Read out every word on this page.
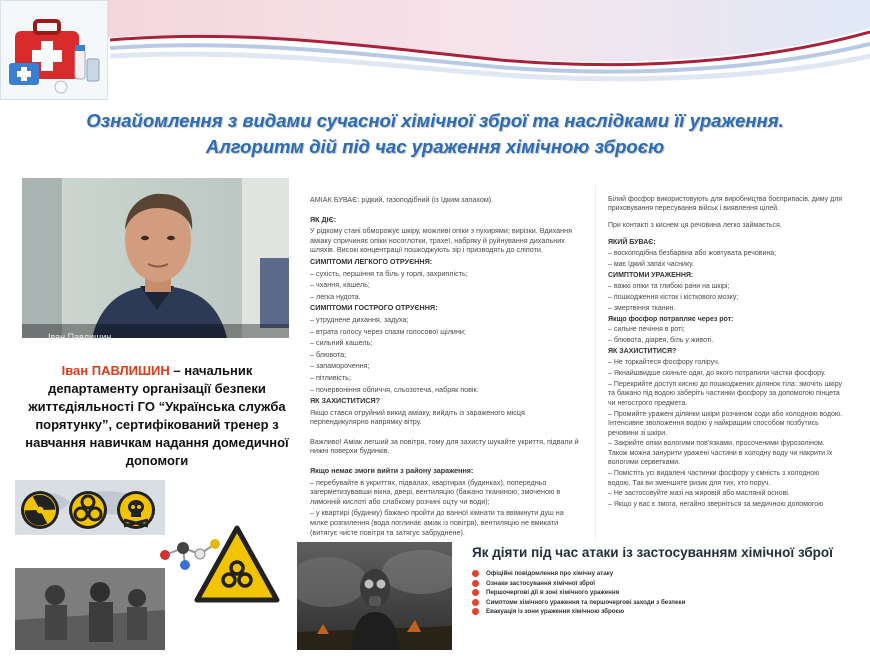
Ознайомлення з видами сучасної хімічної зброї та наслідками її ураження.
Алгоритм дій під час ураження хімічною зброєю
Іван Павлишин
Іван ПАВЛИШИН – начальник департаменту організації безпеки життєдіяльності ГО “Українська служба порятунку”, сертифікований тренер з навчання навичкам надання домедичної допомоги

АМІАК БУВАЄ: рідкий, газоподібний (із їдким запахом).

ЯК ДІЄ:

У рідкому стані обморожує шкіру, можливі опіки з пухирями; вирізки. Вдихання аміаку спричиняє опіки носоглотки, трахеї, набряку й руйнування дихальних шляхів. Високі концентрації пошкоджують зір і призводять до сліпоти.

СИМПТОМИ ЛЕГКОГО ОТРУЄННЯ:

– сухість, першіння та біль у горлі, захриплість;

– чхання, кашель;

– легка нудота.

СИМПТОМИ ГОСТРОГО ОТРУЄННЯ:

– утруднене дихання, задуха;

– втрата голосу через спазм голосової щілини;

– сильний кашель;

– блювота;

– запаморочення;

– пітливість;

– почервоніння обличчя, сльозотеча, набряк повік.

ЯК ЗАХИСТИТИСЯ?

Якщо стався отруйний викид аміаку, вийдіть із зараженого місця перпендикулярно напрямку вітру.

Важливо! Аміак легший за повітря, тому для захисту шукайте укриття, підвали й нижні поверхи будинків.

Якщо немає змоги вийти з району зараження:

– перебувайте в укриттях, підвалах, квартирах (будинках), попередньо загерметизувавши вікна, двері, вентиляцію (бажано тканиною, змоченою в лимонній кислоті або слабкому розчині оцту чи води);

– у квартирі (будинку) бажано пройти до ванної кімнати та ввімкнути душ на мілке розпилення (вода поглинає аміак із повітря), вентиляцію не вмикати (витягує чисте повітря та затягує забруднене).

Білий фосфор використовують для виробництва боєприпасів, диму для приховування пересування військ і виявлення цілей.

При контакті з киснем ця речовина легко займається.

ЯКИЙ БУВАЄ:

– воскоподібна безбарвна або жовтувата речовина;

– має їдкий запах часнику.

СИМПТОМИ УРАЖЕННЯ:

– важкі опіки та глибокі рани на шкірі;

– пошкодження кісток і кісткового мозку;

– змертвіння тканин.

Якщо фосфор потрапляє через рот:

– сильне печіння в роті;

– блювота, діарея, біль у животі.

ЯК ЗАХИСТИТИСЯ?

– Не торкайтеся фосфору голіруч.

– Якнайшвидше скиньте одяг, до якого потрапили частки фосфору.

– Перекрийте доступ кисню до пошкоджених ділянок тіла: змочіть шкіру та бажано під водою заберіть частинки фосфору за допомогою пінцета чи негострого предмета.

– Промийте уражені ділянки шкіри розчином соди або холодною водою. Інтенсивне зволоження водою у найкращим способом позбутись речовини зі шкіри.

– Закрийте опіки вологими пов'язками, просоченими фурозоліном. Також можна занурити уражені частини в холодну воду чи накрити їх вологими серветками.

– Помістіть усі видалені частинки фосфору у ємність з холодною водою. Так ви зменшите ризик для тих, хто поруч.

– Не застосовуйте мазі на жировій або масляній основі.

– Якщо у вас є змога, негайно зверніться за медичною допомогою

Як діяти під час атаки із застосуванням хімічної зброї
Офіційні повідомлення про хімічну атаку
Ознаки застосування хімічної зброї
Першочергові дії в зоні хімічного ураження
Симптоми хімічного ураження та першочергові заходи з безпеки
Евакуація із зони ураження хімічною зброєю
